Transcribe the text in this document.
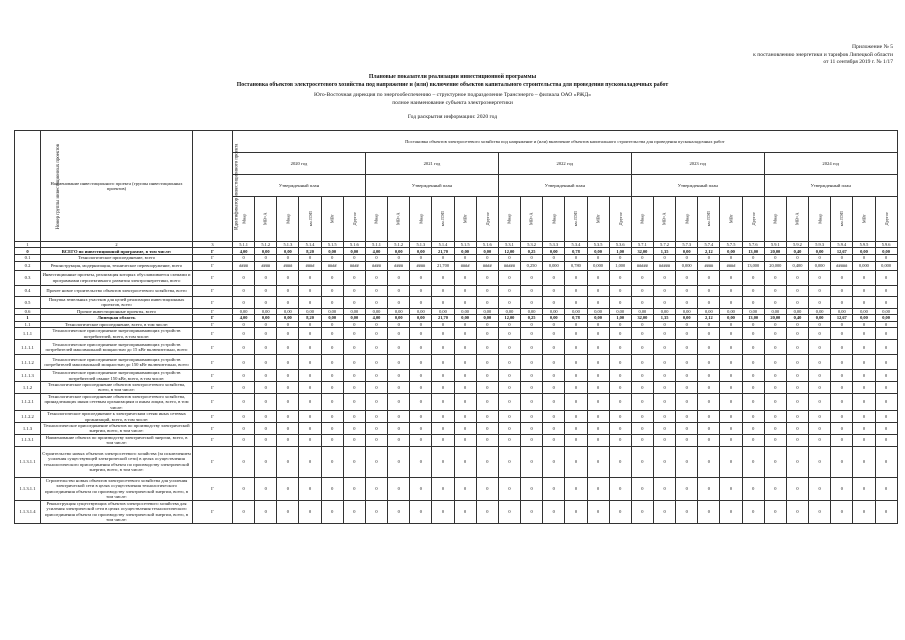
Приложение № 5
к постановлению энергетики и тарифов Липецкой области
от 11 сентября 2019 г. № 1/17
Плановые показатели реализации инвестиционной программы
Постановка объектов электросетевого хозяйства под напряжение и (или) включение объектов капитального строительства для проведения пусконаладочных работ
Юго-Восточная дирекция по энергообеспечению – структурное подразделение Трансэнерго – филиала ОАО «РЖД»
полное наименование субъекта электроэнергетики
Год раскрытия информации: 2020 год
Номер группы инвестиционных проектов	Наименование инвестиционного проекта (группы инвестиционных проектов)	Идентификатор инвестиционного проекта	Постановка объектов электросетевого хозяйства под напряжение и (или) включение объектов капитального строительства для проведения пусконаладочных работ																													
			2020 год						2021 год						2022 год						2023 год						2024 год					
			Утвержденный план						Утвержденный план						Утвержденный план						Утвержденный план						Утвержденный план					
			Мвар	МВ×А	Мвар	км ЛЭП	МВт	Другое	Мвар	МВ×А	Мвар	км ЛЭП	МВт	Другое	Мвар	МВ×А	Мвар	км ЛЭП	МВт	Другое	Мвар	МВ×А	Мвар	км ЛЭП	МВт	Другое	Мвар	МВ×А	Мвар	км ЛЭП	МВт	Другое
1	2	3	5.1.1	5.1.2	5.1.3	5.1.4	5.1.5	5.1.6	5.1.1	5.1.2	5.1.3	5.1.4	5.1.5	5.1.6	5.3.1	5.3.2	5.3.3	5.3.4	5.3.5	5.3.6	5.7.1	5.7.2	5.7.3	5.7.4	5.7.5	5.7.6	5.9.1	5.9.2	5.9.3	5.9.4	5.9.5	5.9.6
0	ВСЕГО по инвестиционной программе, в том числе:	Г	4,00	0,00	0,00	8,20	0,00	0,00	4,00	0,00	0,00	21,70	0,00	0,00	12,00	0,25	0,00	0,78	0,00	1,00	32,00	1,35	0,00	2,12	0,00	13,00	20,00	0,40	0,00	12,67	0,00	0,00
0.1	Технологическое присоединение, всего	Г	0	0	0	0	0	0	0	0	0	0	0	0	0	0	0	0	0	0	0	0	0	0	0	0	0	0	0	0	0	0
0.2	Реконструкция, модернизация, техническое перевооружение, всего	Г	####	####	####	####	####	####	####	####	####	21,700	####	####	#####	0,250	0,000	0,780	0,000	1,000	#####	#####	0,000	####	####	13,000	20,000	0,400	0,000	#####	0,000	0,000
0.3	Инвестиционные проекты, реализация которых обуславливается схемами и программами перспективного развития электроэнергетики, всего	Г	0	0	0	0	0	0	0	0	0	0	0	0	0	0	0	0	0	0	0	0	0	0	0	0	0	0	0	0	0	0
0.4	Прочее новое строительство объектов электросетевого хозяйства, всего	Г	0	0	0	0	0	0	0	0	0	0	0	0	0	0	0	0	0	0	0	0	0	0	0	0	0	0	0	0	0	0
0.5	Покупка земельных участков для целей реализации инвестиционных проектов, всего	Г	0	0	0	0	0	0	0	0	0	0	0	0	0	0	0	0	0	0	0	0	0	0	0	0	0	0	0	0	0	0
0.6	Прочие инвестиционные проекты, всего	Г	0,00	0,00	0,00	0,00	0,00	0,00	0,00	0,00	0,00	0,00	0,00	0,00	0,00	0,00	0,00	0,00	0,00	0,00	0,00	0,00	0,00	0,00	0,00	0,00	0,00	0,00	0,00	0,00	0,00	0,00
1	Липецкая область	Г	4,00	0,00	0,00	8,20	0,00	0,00	4,00	0,00	0,00	21,70	0,00	0,00	12,00	0,25	0,00	0,78	0,00	1,00	32,00	1,35	0,00	2,12	0,00	13,00	20,00	0,40	0,00	12,67	0,00	0,00
1.1	Технологическое присоединение, всего, в том числе:	Г	0	0	0	0	0	0	0	0	0	0	0	0	0	0	0	0	0	0	0	0	0	0	0	0	0	0	0	0	0	0
1.1.1	Технологическое присоединение энергопринимающих устройств потребителей, всего, в том числе:	Г	0	0	0	0	0	0	0	0	0	0	0	0	0	0	0	0	0	0	0	0	0	0	0	0	0	0	0	0	0	0
1.1.1.1	Технологическое присоединение энергопринимающих устройств потребителей максимальной мощностью до 15 кВт включительно, всего	Г	0	0	0	0	0	0	0	0	0	0	0	0	0	0	0	0	0	0	0	0	0	0	0	0	0	0	0	0	0	0
1.1.1.2	Технологическое присоединение энергопринимающих устройств потребителей максимальной мощностью до 150 кВт включительно, всего	Г	0	0	0	0	0	0	0	0	0	0	0	0	0	0	0	0	0	0	0	0	0	0	0	0	0	0	0	0	0	0
1.1.1.3	Технологическое присоединение энергопринимающих устройств потребителей свыше 150 кВт, всего, в том числе:	Г	0	0	0	0	0	0	0	0	0	0	0	0	0	0	0	0	0	0	0	0	0	0	0	0	0	0	0	0	0	0
1.1.2	Технологическое присоединение объектов электросетевого хозяйства, всего, в том числе:	Г	0	0	0	0	0	0	0	0	0	0	0	0	0	0	0	0	0	0	0	0	0	0	0	0	0	0	0	0	0	0
1.1.2.1	Технологическое присоединение объектов электросетевого хозяйства, принадлежащих иным сетевым организациям и иным лицам, всего, в том числе:	Г	0	0	0	0	0	0	0	0	0	0	0	0	0	0	0	0	0	0	0	0	0	0	0	0	0	0	0	0	0	0
1.1.2.2	Технологическое присоединение к электрическим сетям иных сетевых организаций, всего, в том числе:	Г	0	0	0	0	0	0	0	0	0	0	0	0	0	0	0	0	0	0	0	0	0	0	0	0	0	0	0	0	0	0
1.1.3	Технологическое присоединение объектов по производству электрической энергии, всего, в том числе:	Г	0	0	0	0	0	0	0	0	0	0	0	0	0	0	0	0	0	0	0	0	0	0	0	0	0	0	0	0	0	0
1.1.3.1	Наименование объекта по производству электрической энергии, всего, в том числе:	Г	0	0	0	0	0	0	0	0	0	0	0	0	0	0	0	0	0	0	0	0	0	0	0	0	0	0	0	0	0	0
1.1.3.1.1	Строительство новых объектов электросетевого хозяйства (за исключением усиления существующей электрической сети) в целях осуществления технологического присоединения объекта по производству электрической энергии, всего, в том числе:	Г	0	0	0	0	0	0	0	0	0	0	0	0	0	0	0	0	0	0	0	0	0	0	0	0	0	0	0	0	0	0
1.1.3.1.1	Строительство новых объектов электросетевого хозяйства для усиления электрической сети в целях осуществления технологического присоединения объекта по производству электрической энергии, всего, в том числе:	Г	0	0	0	0	0	0	0	0	0	0	0	0	0	0	0	0	0	0	0	0	0	0	0	0	0	0	0	0	0	0
1.1.3.1.4	Реконструкция существующих объектов электросетевого хозяйства для усиления электрической сети в целях осуществления технологического присоединения объекта по производству электрической энергии, всего, в том числе:	Г	0	0	0	0	0	0	0	0	0	0	0	0	0	0	0	0	0	0	0	0	0	0	0	0	0	0	0	0	0	0
